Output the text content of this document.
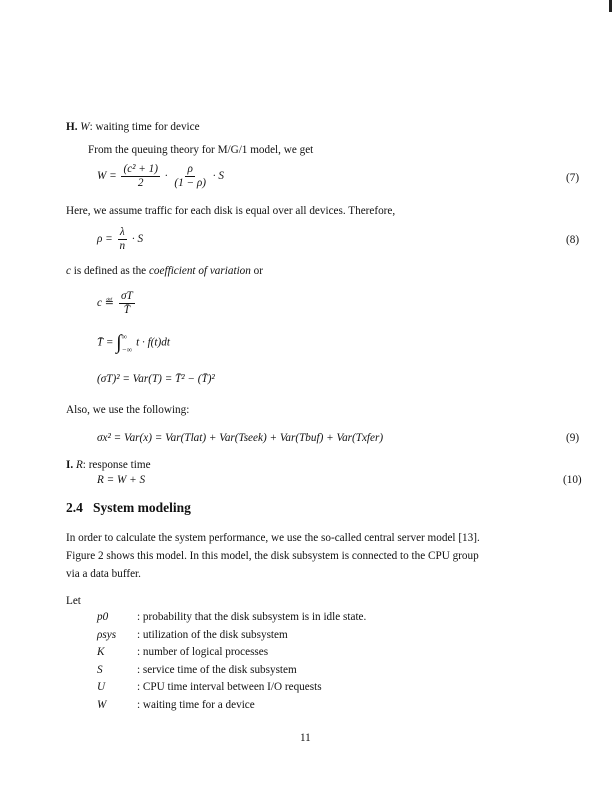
H. W: waiting time for device
From the queuing theory for M/G/1 model, we get
$W = \frac{\text{(c² + 1)}}{2} \cdot \frac{\rho}{(1 - \rho)} \cdot S$	(7)
Here, we assume traffic for each disk is equal over all devices. Therefore,
$\rho = \frac{\lambda}{n} \cdot S$	(8)
c is defined as the coefficient of variation or
c ≝ $\frac{\sigma T}{T̄}$
T̄ = ∫ ∞
−∞
t · f(t)dt
(σT)² = Var(T) = T̄² − (T̄)²
Also, we use the following:
σx² = Var(x) = Var(Tlat) + Var(Tseek) + Var(Tbuf) + Var(Txfer)	(9)
I. R: response time
R = W + S	(10)
2.4 System modeling
In order to calculate the system performance, we use the so-called central server model [13].
Figure 2 shows this model. In this model, the disk subsystem is connected to the CPU group
via a data buffer.
Let
p0	: probability that the disk subsystem is in idle state.
ρsys : utilization of the disk subsystem
K	: number of logical processes
S	: service time of the disk subsystem
U	: CPU time interval between I/O requests
W	: waiting time for a device
11
